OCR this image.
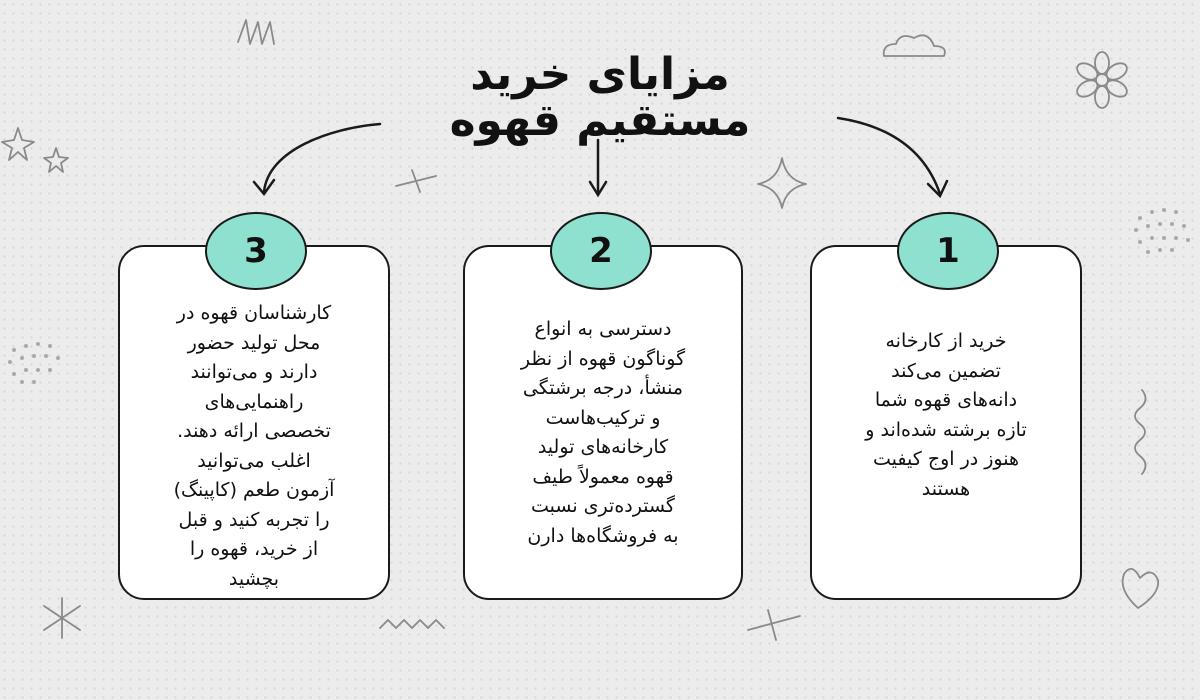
مزایای خرید
مستقیم قهوه
کارشناسان قهوه در
محل تولید حضور
دارند و می‌توانند
راهنمایی‌های
تخصصی ارائه دهند.
اغلب می‌توانید
آزمون طعم (کاپینگ)
را تجربه کنید و قبل
از خرید، قهوه را
بچشید
3
دسترسی به انواع
گوناگون قهوه از نظر
منشأ، درجه برشتگی
و ترکیب‌هاست
کارخانه‌های تولید
قهوه معمولاً طیف
گسترده‌تری نسبت
به فروشگاه‌ها دارن
2
خرید از کارخانه
تضمین می‌کند
دانه‌های قهوه شما
تازه برشته شده‌اند و
هنوز در اوج کیفیت
هستند
1
